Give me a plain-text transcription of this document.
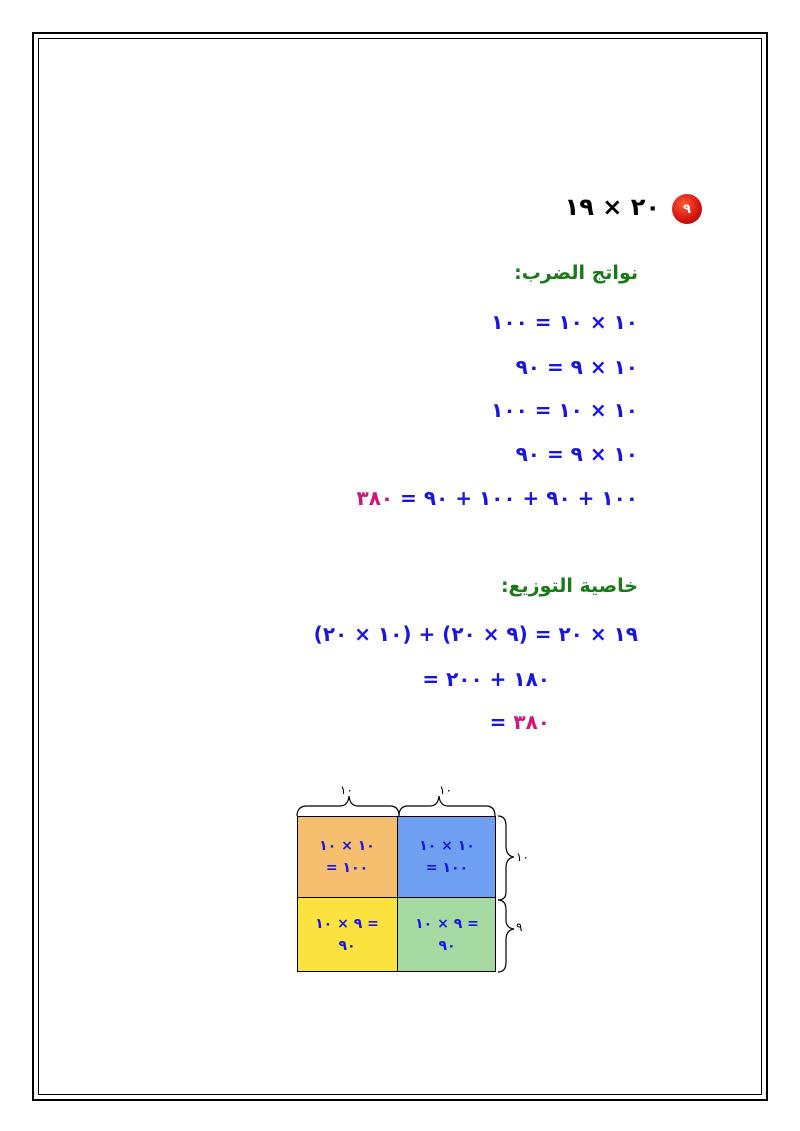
٩
٢٠ × ١٩
نواتج الضرب:
١٠ × ١٠ = ١٠٠
١٠ × ٩ = ٩٠
١٠ × ١٠ = ١٠٠
١٠ × ٩ = ٩٠
١٠٠ + ٩٠ + ١٠٠ + ٩٠ = ٣٨٠
خاصية التوزيع:
١٩ × ٢٠ = (٩ × ٢٠) + (١٠ × ٢٠)
= ١٨٠ + ٢٠٠
= ٣٨٠
١٠	١٠
١٠
٩
١٠ × ١٠
= ١٠٠
١٠ × ١٠
= ١٠٠
٩ × ١٠ =
٩٠
٩ × ١٠ =
٩٠
